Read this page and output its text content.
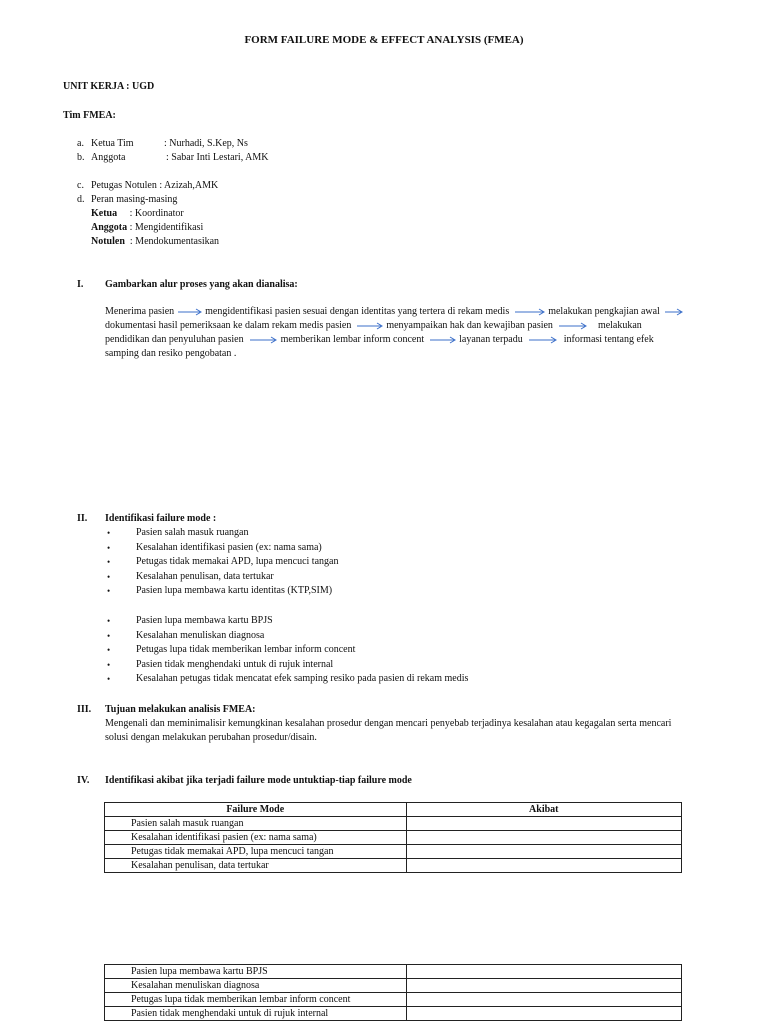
FORM FAILURE MODE & EFFECT ANALYSIS (FMEA)
UNIT KERJA : UGD
Tim FMEA:
a. Ketua Tim	: Nurhadi, S.Kep, Ns
b. Anggota	: Sabar Inti Lestari, AMK
c. Petugas Notulen : Azizah,AMK
d. Peran masing-masing
Ketua     : Koordinator
Anggota : Mengidentifikasi
Notulen  : Mendokumentasikan
I. Gambarkan alur proses yang akan dianalisa:
Menerima pasien	mengidentifikasi pasien sesuai dengan identitas yang tertera di rekam medis	melakukan pengkajian awal
dokumentasi hasil pemeriksaan ke dalam rekam medis pasien	menyampaikan hak dan kewajiban pasien	melakukan
pendidikan dan penyuluhan pasien	memberikan lembar inform concent	layanan terpadu	informasi tentang efek
samping dan resiko pengobatan .
II. Identifikasi failure mode :
•	Pasien salah masuk ruangan
•	Kesalahan identifikasi pasien (ex: nama sama)
•	Petugas tidak memakai APD, lupa mencuci tangan
•	Kesalahan penulisan, data tertukar
•	Pasien lupa membawa kartu identitas (KTP,SIM)
•	Pasien lupa membawa kartu BPJS
•	Kesalahan menuliskan diagnosa
•	Petugas lupa tidak memberikan lembar inform concent
•	Pasien tidak menghendaki untuk di rujuk internal
•	Kesalahan petugas tidak mencatat efek samping resiko pada pasien di rekam medis
III. Tujuan melakukan analisis FMEA:
Mengenali dan meminimalisir kemungkinan kesalahan prosedur dengan mencari penyebab terjadinya kesalahan atau kegagalan serta mencari
solusi dengan melakukan perubahan prosedur/disain.
IV. Identifikasi akibat jika terjadi failure mode untuktiap-tiap failure mode
Failure Mode	Akibat
Pasien salah masuk ruangan	
Kesalahan identifikasi pasien (ex: nama sama)	
Petugas tidak memakai APD, lupa mencuci tangan	
Kesalahan penulisan, data tertukar	
Pasien lupa membawa kartu BPJS	
Kesalahan menuliskan diagnosa	
Petugas lupa tidak memberikan lembar inform concent	
Pasien tidak menghendaki untuk di rujuk internal	
